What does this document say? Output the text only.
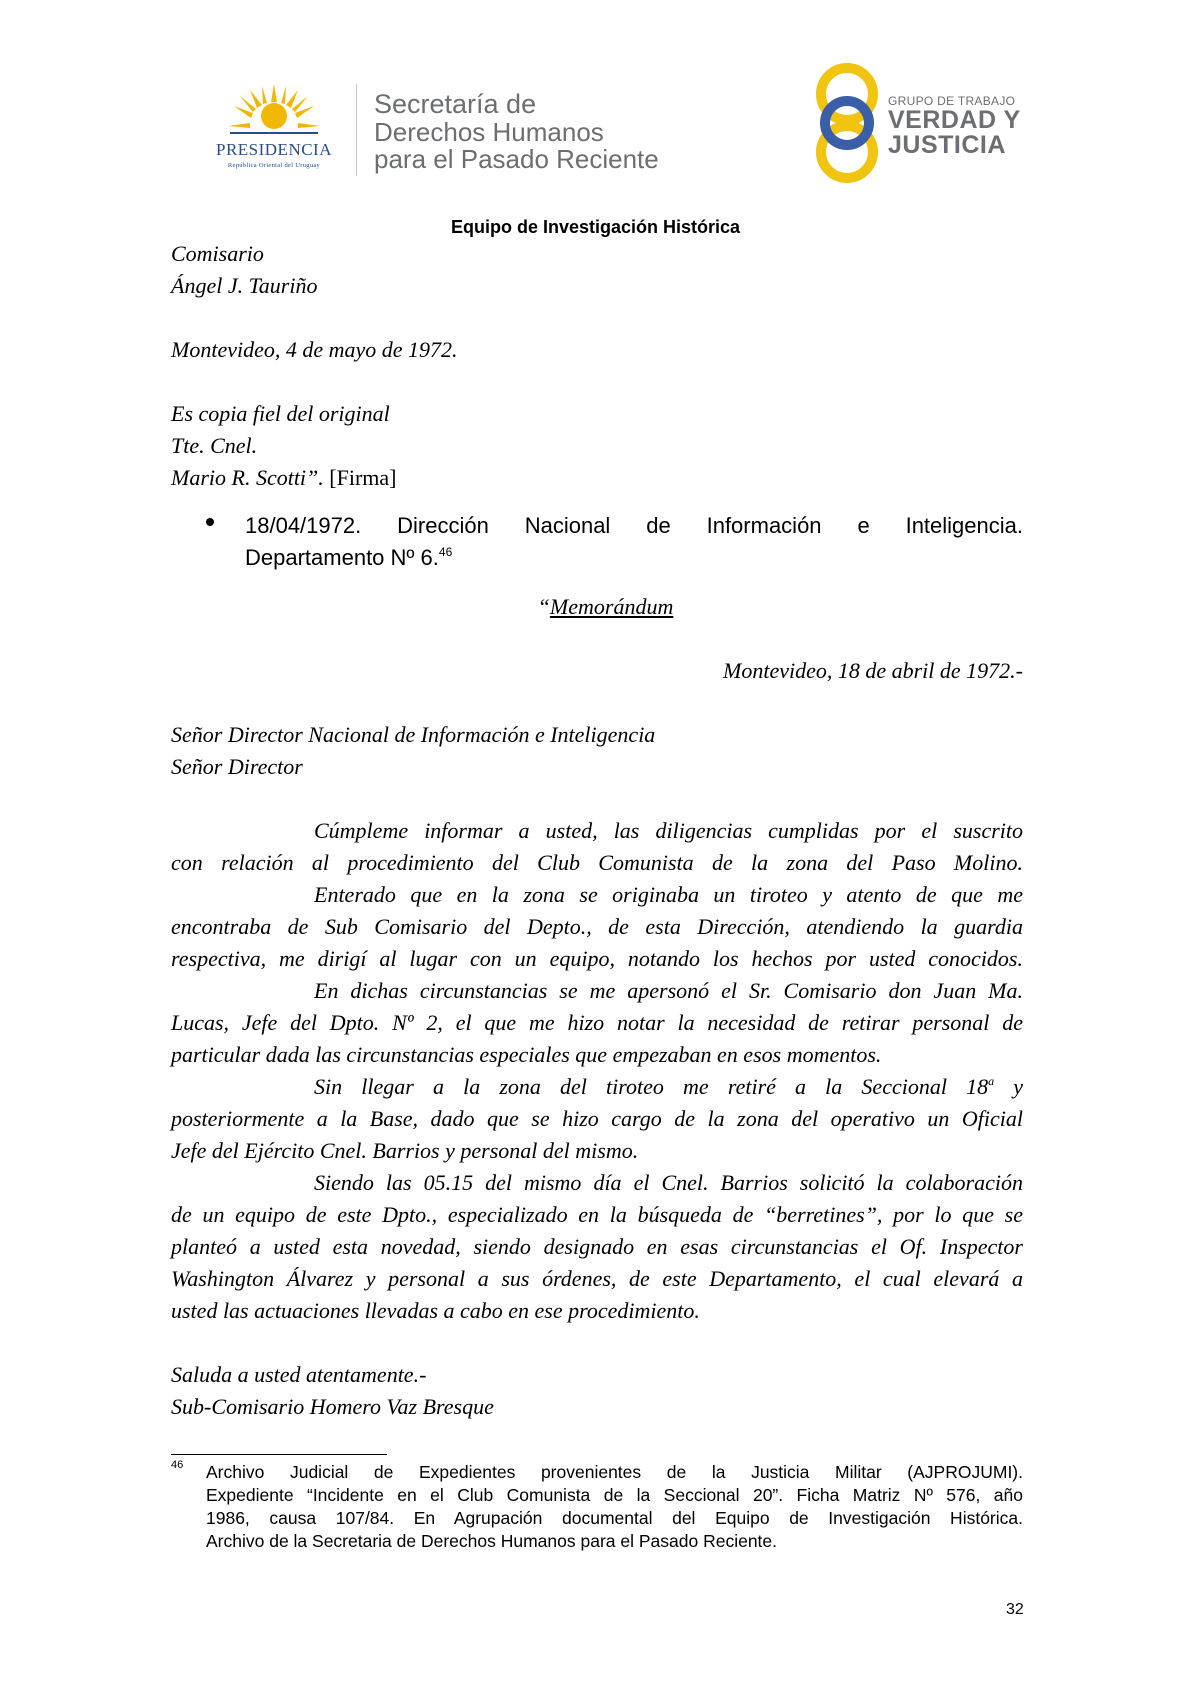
PRESIDENCIA
República Oriental del Uruguay
Secretaría de
Derechos Humanos
para el Pasado Reciente
GRUPO DE TRABAJO
VERDAD Y
JUSTICIA
Equipo de Investigación Histórica
Comisario
Ángel J. Tauriño
Montevideo, 4 de mayo de 1972.
Es copia fiel del original
Tte. Cnel.
Mario R. Scotti”. [Firma]
18/04/1972. Dirección Nacional de Información e Inteligencia.
Departamento Nº 6.46
“Memorándum
Montevideo, 18 de abril de 1972.-
Señor Director Nacional de Información e Inteligencia
Señor Director
Cúmpleme informar a usted, las diligencias cumplidas por el suscrito
con relación al procedimiento del Club Comunista de la zona del Paso Molino.
Enterado que en la zona se originaba un tiroteo y atento de que me
encontraba de Sub Comisario del Depto., de esta Dirección, atendiendo la guardia
respectiva, me dirigí al lugar con un equipo, notando los hechos por usted conocidos.
En dichas circunstancias se me apersonó el Sr. Comisario don Juan Ma.
Lucas, Jefe del Dpto. Nº 2, el que me hizo notar la necesidad de retirar personal de
particular dada las circunstancias especiales que empezaban en esos momentos.
Sin llegar a la zona del tiroteo me retiré a la Seccional 18$^a$ y
posteriormente a la Base, dado que se hizo cargo de la zona del operativo un Oficial
Jefe del Ejército Cnel. Barrios y personal del mismo.
Siendo las 05.15 del mismo día el Cnel. Barrios solicitó la colaboración
de un equipo de este Dpto., especializado en la búsqueda de “berretines”, por lo que se
planteó a usted esta novedad, siendo designado en esas circunstancias el Of. Inspector
Washington Álvarez y personal a sus órdenes, de este Departamento, el cual elevará a
usted las actuaciones llevadas a cabo en ese procedimiento.
Saluda a usted atentamente.-
Sub-Comisario Homero Vaz Bresque
46 Archivo Judicial de Expedientes provenientes de la Justicia Militar (AJPROJUMI).
Expediente “Incidente en el Club Comunista de la Seccional 20”. Ficha Matriz Nº 576, año
1986, causa 107/84. En Agrupación documental del Equipo de Investigación Histórica.
Archivo de la Secretaria de Derechos Humanos para el Pasado Reciente.
32
